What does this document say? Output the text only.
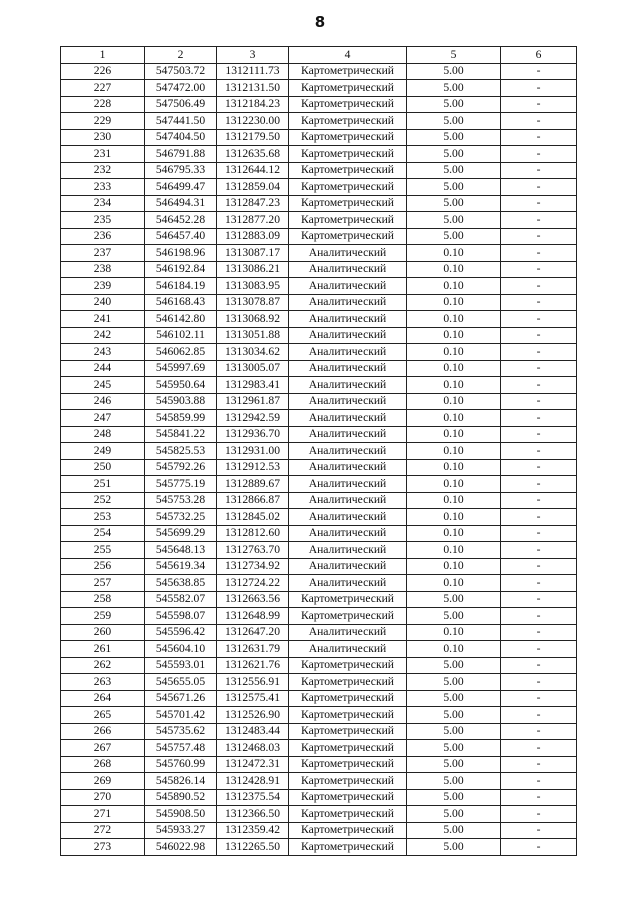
8
1	2	3	4	5	6
226	547503.72	1312111.73	Картометрический	5.00	-
227	547472.00	1312131.50	Картометрический	5.00	-
228	547506.49	1312184.23	Картометрический	5.00	-
229	547441.50	1312230.00	Картометрический	5.00	-
230	547404.50	1312179.50	Картометрический	5.00	-
231	546791.88	1312635.68	Картометрический	5.00	-
232	546795.33	1312644.12	Картометрический	5.00	-
233	546499.47	1312859.04	Картометрический	5.00	-
234	546494.31	1312847.23	Картометрический	5.00	-
235	546452.28	1312877.20	Картометрический	5.00	-
236	546457.40	1312883.09	Картометрический	5.00	-
237	546198.96	1313087.17	Аналитический	0.10	-
238	546192.84	1313086.21	Аналитический	0.10	-
239	546184.19	1313083.95	Аналитический	0.10	-
240	546168.43	1313078.87	Аналитический	0.10	-
241	546142.80	1313068.92	Аналитический	0.10	-
242	546102.11	1313051.88	Аналитический	0.10	-
243	546062.85	1313034.62	Аналитический	0.10	-
244	545997.69	1313005.07	Аналитический	0.10	-
245	545950.64	1312983.41	Аналитический	0.10	-
246	545903.88	1312961.87	Аналитический	0.10	-
247	545859.99	1312942.59	Аналитический	0.10	-
248	545841.22	1312936.70	Аналитический	0.10	-
249	545825.53	1312931.00	Аналитический	0.10	-
250	545792.26	1312912.53	Аналитический	0.10	-
251	545775.19	1312889.67	Аналитический	0.10	-
252	545753.28	1312866.87	Аналитический	0.10	-
253	545732.25	1312845.02	Аналитический	0.10	-
254	545699.29	1312812.60	Аналитический	0.10	-
255	545648.13	1312763.70	Аналитический	0.10	-
256	545619.34	1312734.92	Аналитический	0.10	-
257	545638.85	1312724.22	Аналитический	0.10	-
258	545582.07	1312663.56	Картометрический	5.00	-
259	545598.07	1312648.99	Картометрический	5.00	-
260	545596.42	1312647.20	Аналитический	0.10	-
261	545604.10	1312631.79	Аналитический	0.10	-
262	545593.01	1312621.76	Картометрический	5.00	-
263	545655.05	1312556.91	Картометрический	5.00	-
264	545671.26	1312575.41	Картометрический	5.00	-
265	545701.42	1312526.90	Картометрический	5.00	-
266	545735.62	1312483.44	Картометрический	5.00	-
267	545757.48	1312468.03	Картометрический	5.00	-
268	545760.99	1312472.31	Картометрический	5.00	-
269	545826.14	1312428.91	Картометрический	5.00	-
270	545890.52	1312375.54	Картометрический	5.00	-
271	545908.50	1312366.50	Картометрический	5.00	-
272	545933.27	1312359.42	Картометрический	5.00	-
273	546022.98	1312265.50	Картометрический	5.00	-
